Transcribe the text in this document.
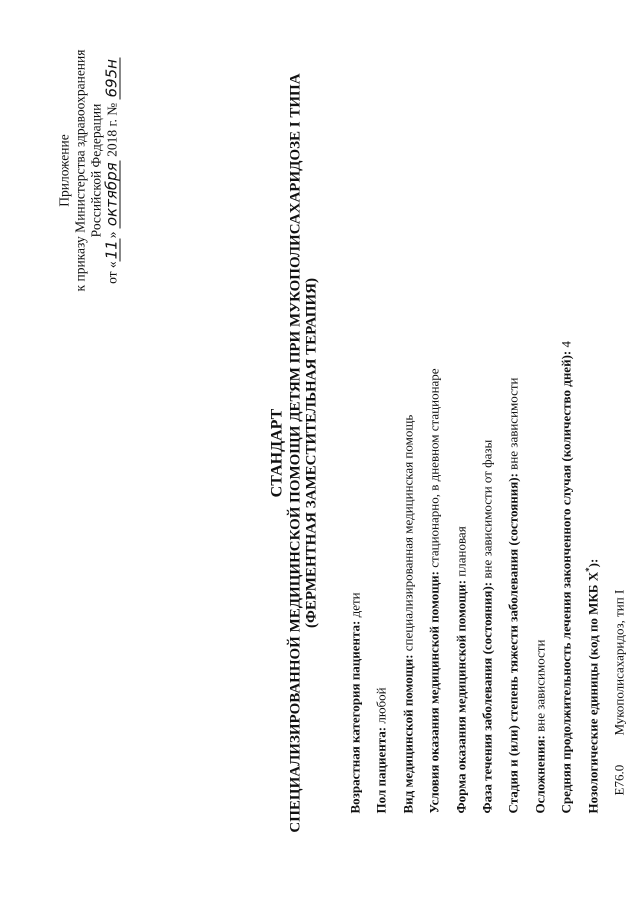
Приложение к приказу Министерства здравоохранения Российской Федерации
от «11» октября 2018 г. № 695н
СТАНДАРТ СПЕЦИАЛИЗИРОВАННОЙ МЕДИЦИНСКОЙ ПОМОЩИ ДЕТЯМ ПРИ МУКОПОЛИСАХАРИДОЗЕ I ТИПА (ФЕРМЕНТНАЯ ЗАМЕСТИТЕЛЬНАЯ ТЕРАПИЯ)
Возрастная категория пациента: дети
Пол пациента: любой Вид медицинской помощи: специализированная медицинская помощь
Условия оказания медицинской помощи: стационарно, в дневном стационаре
Форма оказания медицинской помощи: плановая
Фаза течения заболевания (состояния): вне зависимости от фазы Стадия и (или) степень тяжести заболевания (состояния): вне зависимости
Осложнения: вне зависимости Средняя продолжительность лечения законченного случая (количество дней): 4
Нозологические единицы (код по МКБ X*):
E76.0Мукополисахаридоз, тип I
